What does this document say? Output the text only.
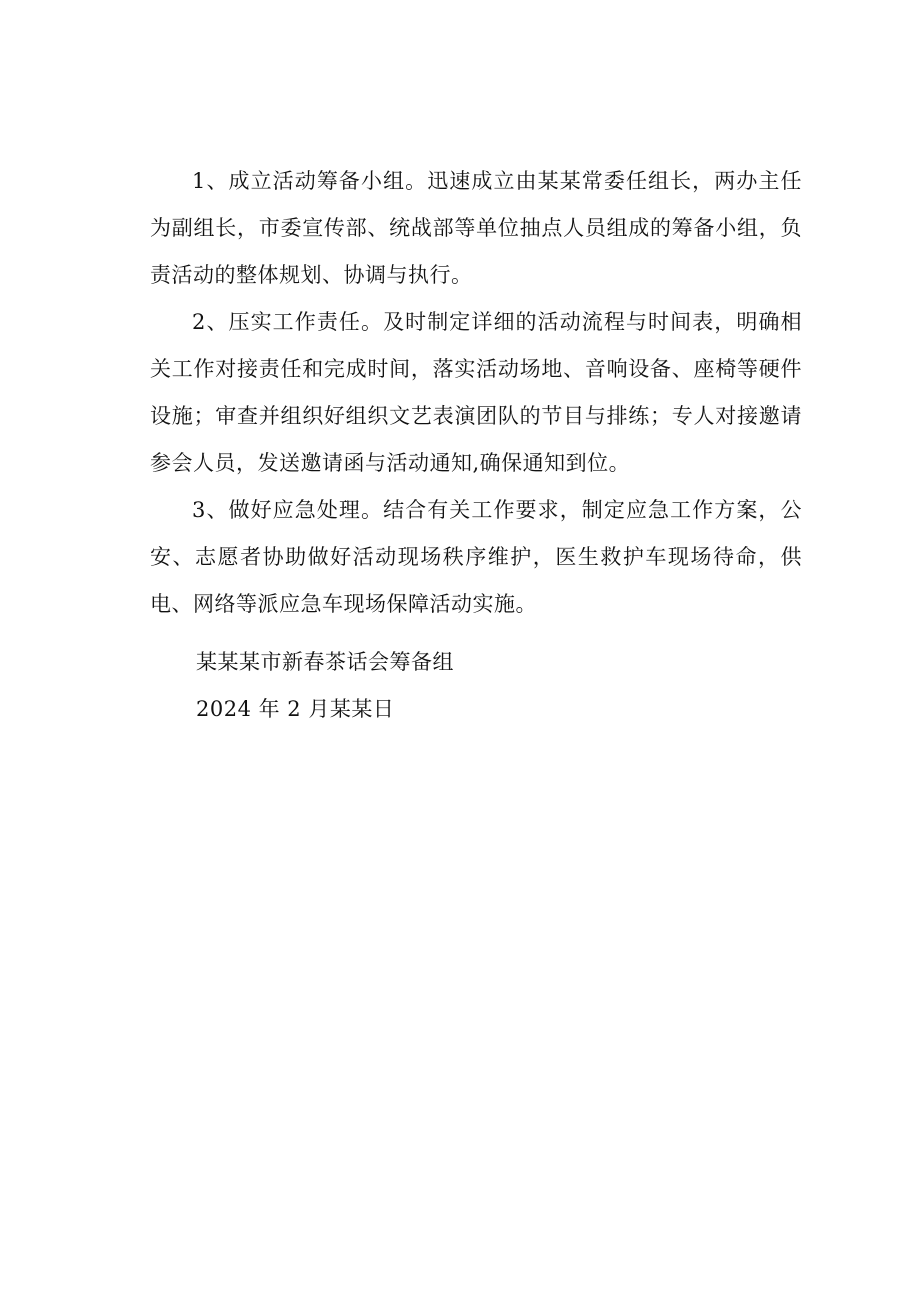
1、成立活动筹备小组。迅速成立由某某常委任组长，两办主任为副组长，市委宣传部、统战部等单位抽点人员组成的筹备小组，负责活动的整体规划、协调与执行。

2、压实工作责任。及时制定详细的活动流程与时间表，明确相关工作对接责任和完成时间，落实活动场地、音响设备、座椅等硬件设施；审查并组织好组织文艺表演团队的节目与排练；专人对接邀请参会人员，发送邀请函与活动通知,确保通知到位。

3、做好应急处理。结合有关工作要求，制定应急工作方案，公安、志愿者协助做好活动现场秩序维护，医生救护车现场待命，供电、网络等派应急车现场保障活动实施。

某某某市新春茶话会筹备组

2024 年 2 月某某日
